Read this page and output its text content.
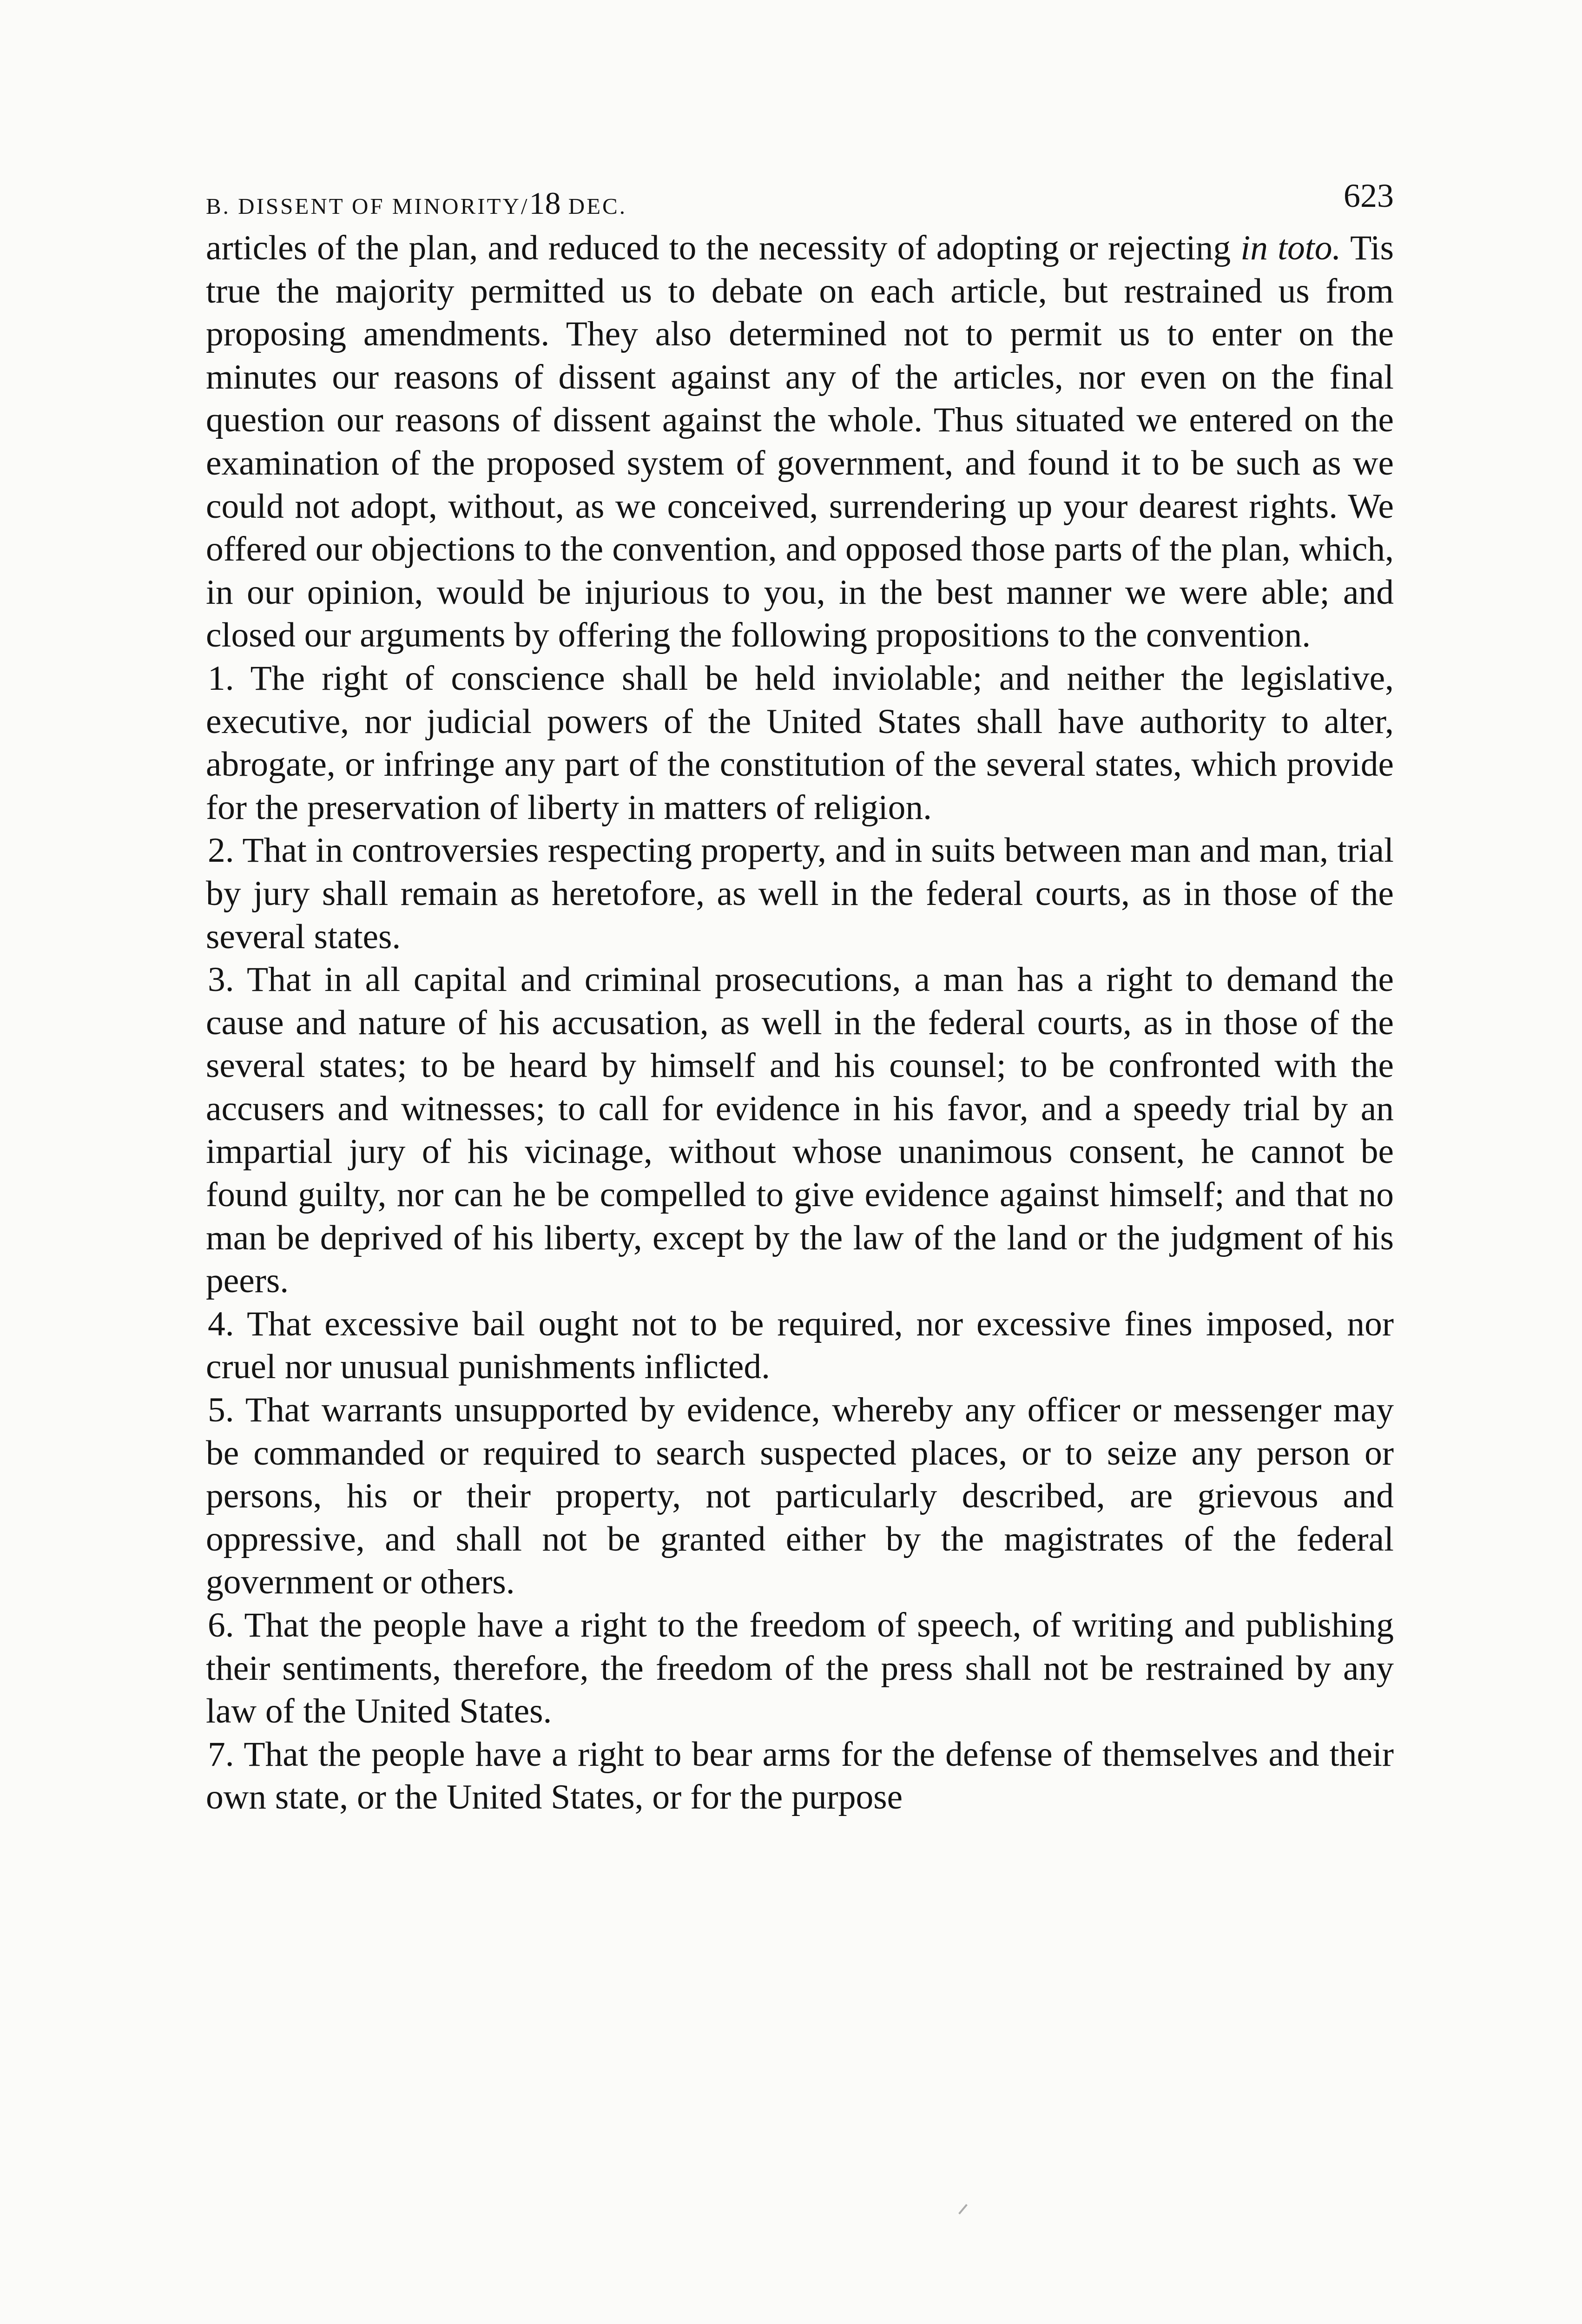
B. DISSENT OF MINORITY/18 DEC.	623

articles of the plan, and reduced to the necessity of adopting or rejecting in toto. Tis true the majority permitted us to debate on each article, but restrained us from proposing amendments. They also determined not to permit us to enter on the minutes our reasons of dissent against any of the articles, nor even on the final question our reasons of dissent against the whole. Thus situated we entered on the examination of the proposed system of government, and found it to be such as we could not adopt, without, as we conceived, surrendering up your dearest rights. We offered our objections to the convention, and opposed those parts of the plan, which, in our opinion, would be injurious to you, in the best manner we were able; and closed our arguments by offering the following propositions to the convention.

1. The right of conscience shall be held inviolable; and neither the legislative, executive, nor judicial powers of the United States shall have authority to alter, abrogate, or infringe any part of the constitution of the several states, which provide for the preservation of liberty in matters of religion.

2. That in controversies respecting property, and in suits between man and man, trial by jury shall remain as heretofore, as well in the federal courts, as in those of the several states.

3. That in all capital and criminal prosecutions, a man has a right to demand the cause and nature of his accusation, as well in the federal courts, as in those of the several states; to be heard by himself and his counsel; to be confronted with the accusers and witnesses; to call for evidence in his favor, and a speedy trial by an impartial jury of his vicinage, without whose unanimous consent, he cannot be found guilty, nor can he be compelled to give evidence against himself; and that no man be deprived of his liberty, except by the law of the land or the judgment of his peers.

4. That excessive bail ought not to be required, nor excessive fines imposed, nor cruel nor unusual punishments inflicted.

5. That warrants unsupported by evidence, whereby any officer or messenger may be commanded or required to search suspected places, or to seize any person or persons, his or their property, not particularly described, are grievous and oppressive, and shall not be granted either by the magistrates of the federal government or others.

6. That the people have a right to the freedom of speech, of writing and publishing their sentiments, therefore, the freedom of the press shall not be restrained by any law of the United States.

7. That the people have a right to bear arms for the defense of themselves and their own state, or the United States, or for the purpose
